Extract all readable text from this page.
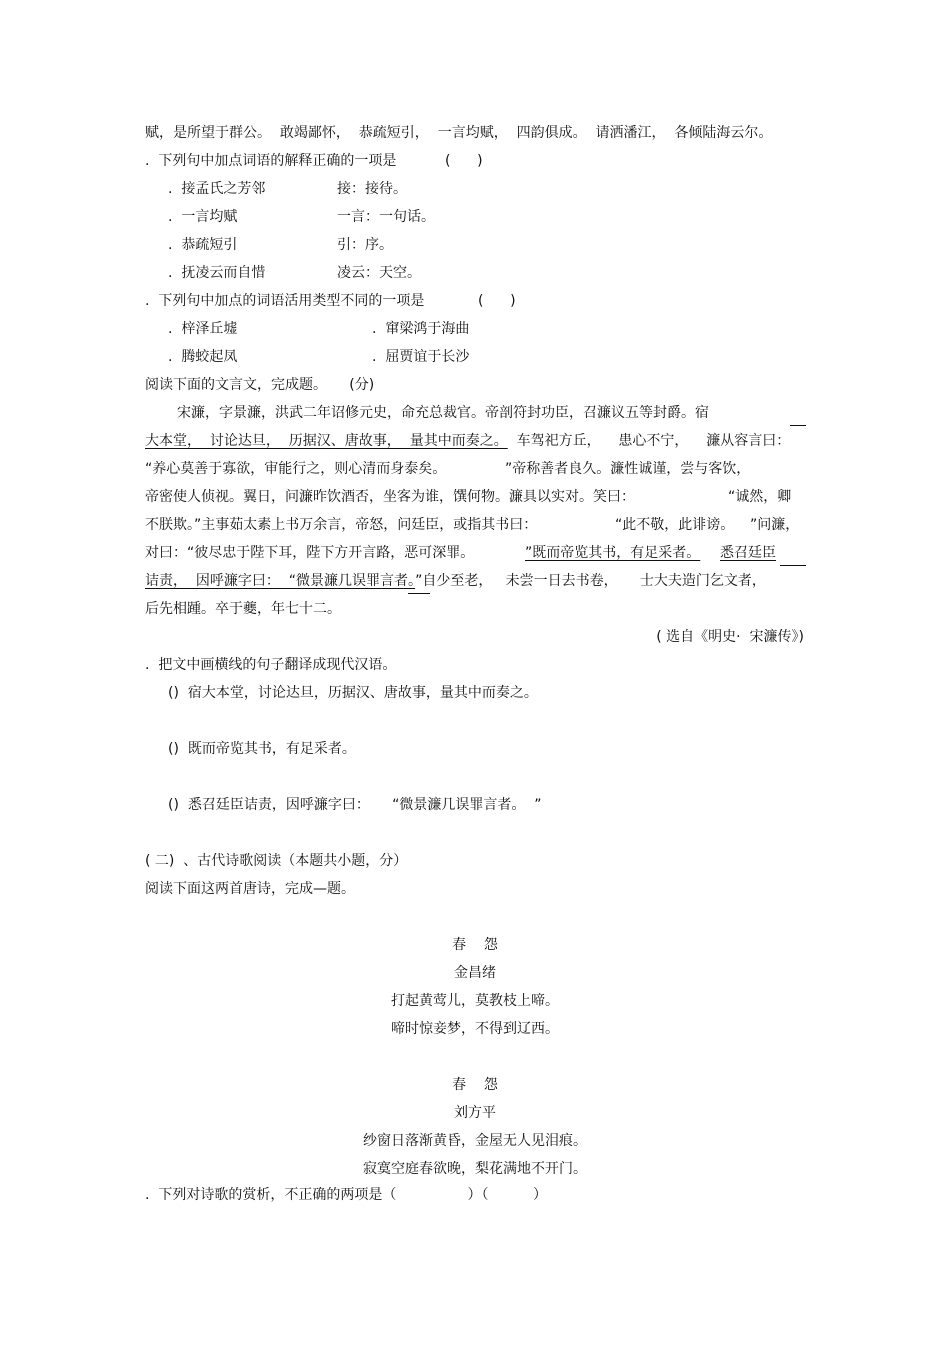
赋，是所望于群公。  敢竭鄙怀，  恭疏短引，  一言均赋，  四韵俱成。  请洒潘江，  各倾陆海云尔。
.  下列句中加点词语的解释正确的一项是	(      )
.  接孟氏之芳邻	接：接待。
.  一言均赋	一言：一句话。
.  恭疏短引	引：序。
.  抚凌云而自惜	凌云：天空。
.  下列句中加点的词语活用类型不同的一项是	(      )
.  梓泽丘墟	.  窜梁鸿于海曲
.  腾蛟起凤	.  屈贾谊于长沙
阅读下面的文言文，完成题。     (分)
宋濂，字景濂，洪武二年诏修元史，命充总裁官。帝剖符封功臣，召濂议五等封爵。宿
大本堂，  讨论达旦，  历据汉、唐故事，  量其中而奏之。  车驾祀方丘，    患心不宁，    濂从容言曰：
“养心莫善于寡欲，审能行之，则心清而身泰矣。	”帝称善者良久。濂性诚谨，尝与客饮，
帝密使人侦视。翼日，问濂昨饮酒否，坐客为谁，馔何物。濂具以实对。笑曰：	“诚然，卿
不朕欺。”主事茹太素上书万余言，帝怒，问廷臣，或指其书曰：	“此不敬，此诽谤。 ”问濂，
对曰：“彼尽忠于陛下耳，陛下方开言路，恶可深罪。	”既而帝览其书，有足采者。 悉召廷臣
诘责，  因呼濂字曰：  “微景濂几误罪言者。”自少至老，   未尝一日去书卷，     士大夫造门乞文者，
后先相踵。卒于夔，年七十二。
( 选自《明史·  宋濂传》)
.  把文中画横线的句子翻译成现代汉语。
()  宿大本堂，讨论达旦，历据汉、唐故事，量其中而奏之。
()  既而帝览其书，有足采者。
()  悉召廷臣诘责，因呼濂字曰：     “微景濂几误罪言者。  ”
( 二)  、古代诗歌阅读（本题共小题，分）
阅读下面这两首唐诗，完成—题。
春    怨
金昌绪
打起黄莺儿，莫教枝上啼。
啼时惊妾梦，不得到辽西。
春    怨
刘方平
纱窗日落渐黄昏，金屋无人见泪痕。
寂寞空庭春欲晚，梨花满地不开门。
.  下列对诗歌的赏析，不正确的两项是（                ）（          ）
